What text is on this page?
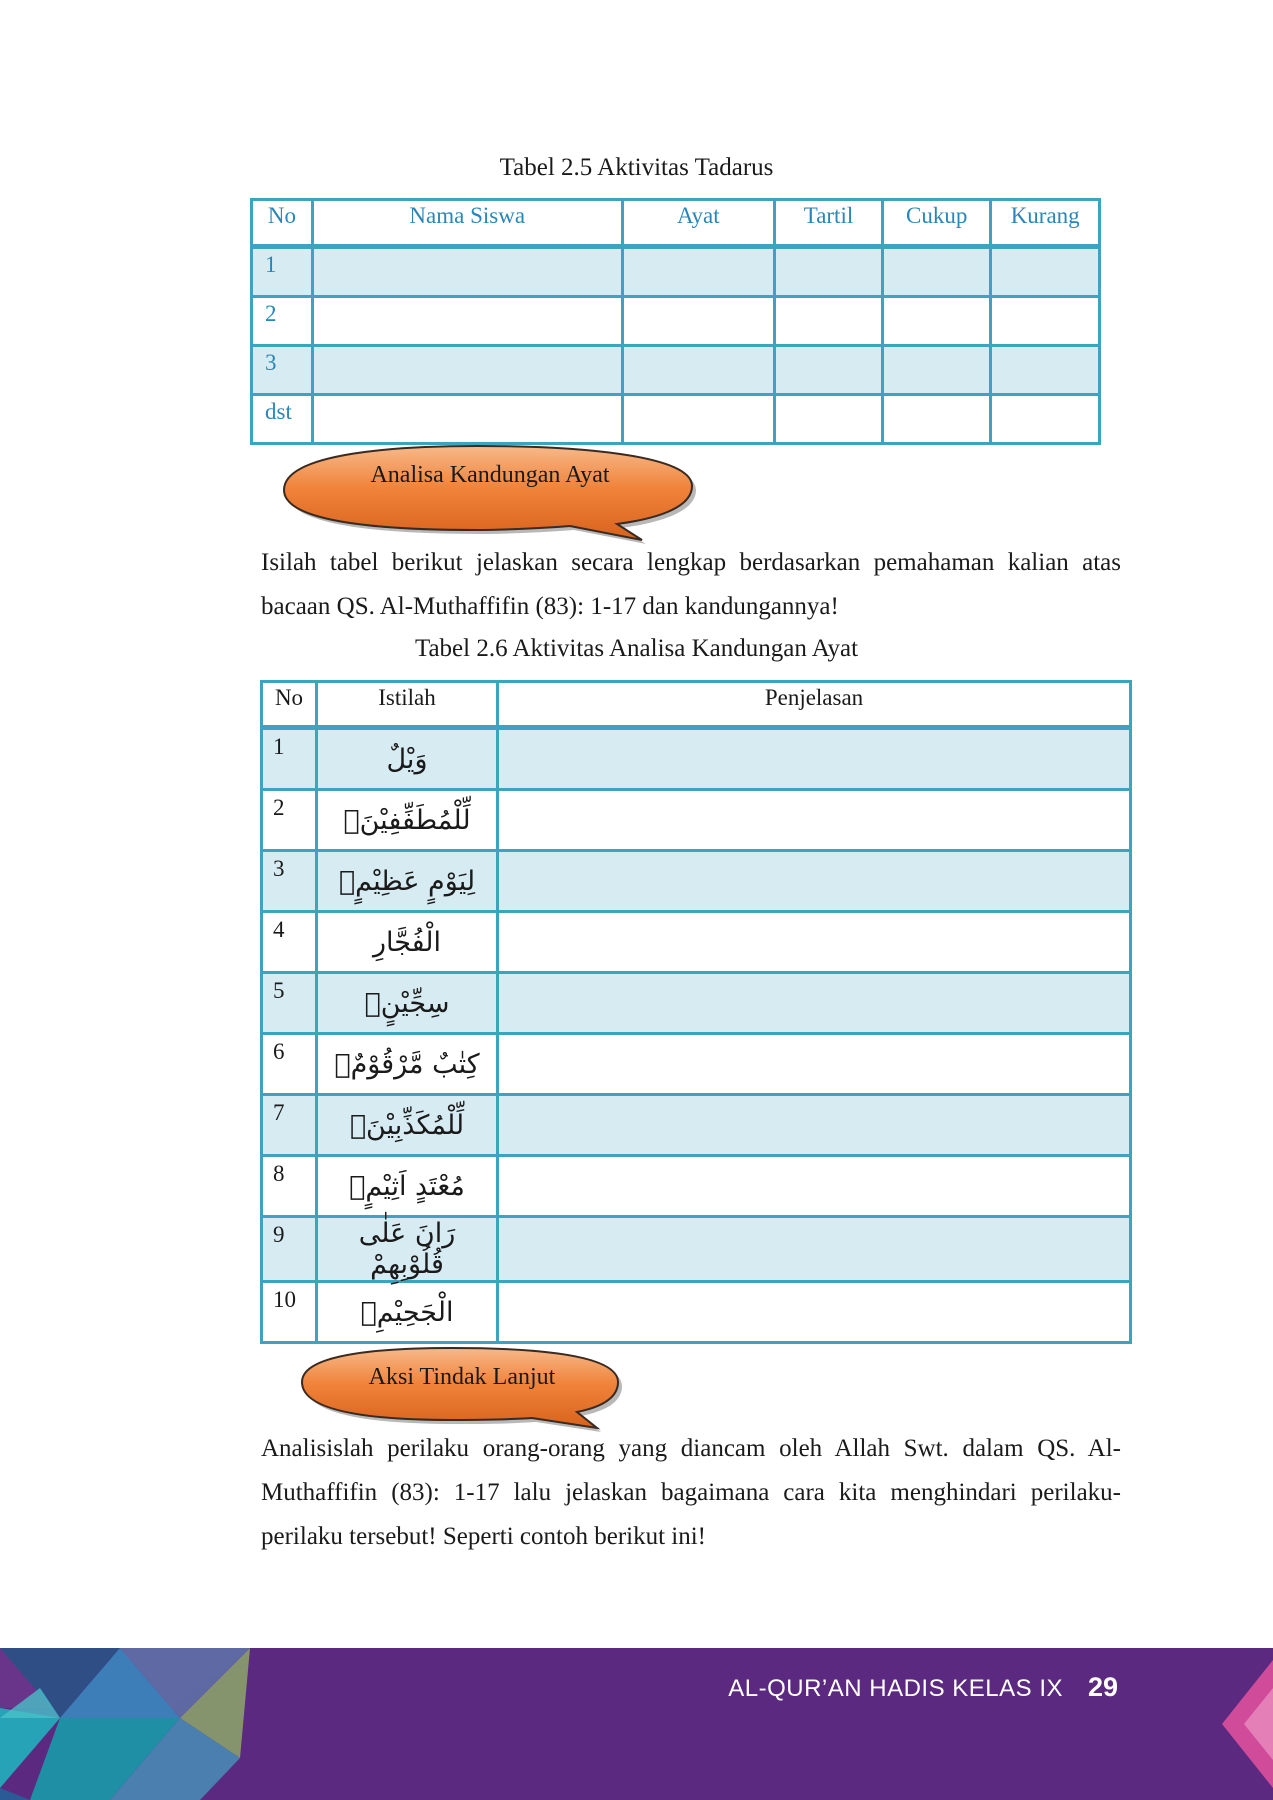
Tabel 2.5 Aktivitas Tadarus
No	Nama Siswa	Ayat	Tartil	Cukup	Kurang
1					
2					
3					
dst					
Analisa Kandungan Ayat
Isilah tabel berikut jelaskan secara lengkap berdasarkan pemahaman kalian atas bacaan QS. Al-Muthaffifin (83): 1-17 dan kandungannya!
Tabel 2.6 Aktivitas Analisa Kandungan Ayat
No	Istilah	Penjelasan
1	وَيْلٌ	
2	لِّلْمُطَفِّفِيْنَۙ	
3	لِيَوْمٍ عَظِيْمٍۙ	
4	الْفُجَّارِ	
5	سِجِّيْنٍۗ	
6	كِتٰبٌ مَّرْقُوْمٌۗ	
7	لِّلْمُكَذِّبِيْنَۙ	
8	مُعْتَدٍ اَثِيْمٍۙ	
9	رَانَ عَلٰى قُلُوْبِهِمْ	
10	الْجَحِيْمِۗ	
Aksi Tindak Lanjut
Analisislah perilaku orang-orang yang diancam oleh Allah Swt. dalam QS. Al-Muthaffifin (83): 1-17 lalu jelaskan bagaimana cara kita menghindari perilaku-perilaku tersebut! Seperti contoh berikut ini!
AL-QUR’AN HADIS KELAS IX 29
